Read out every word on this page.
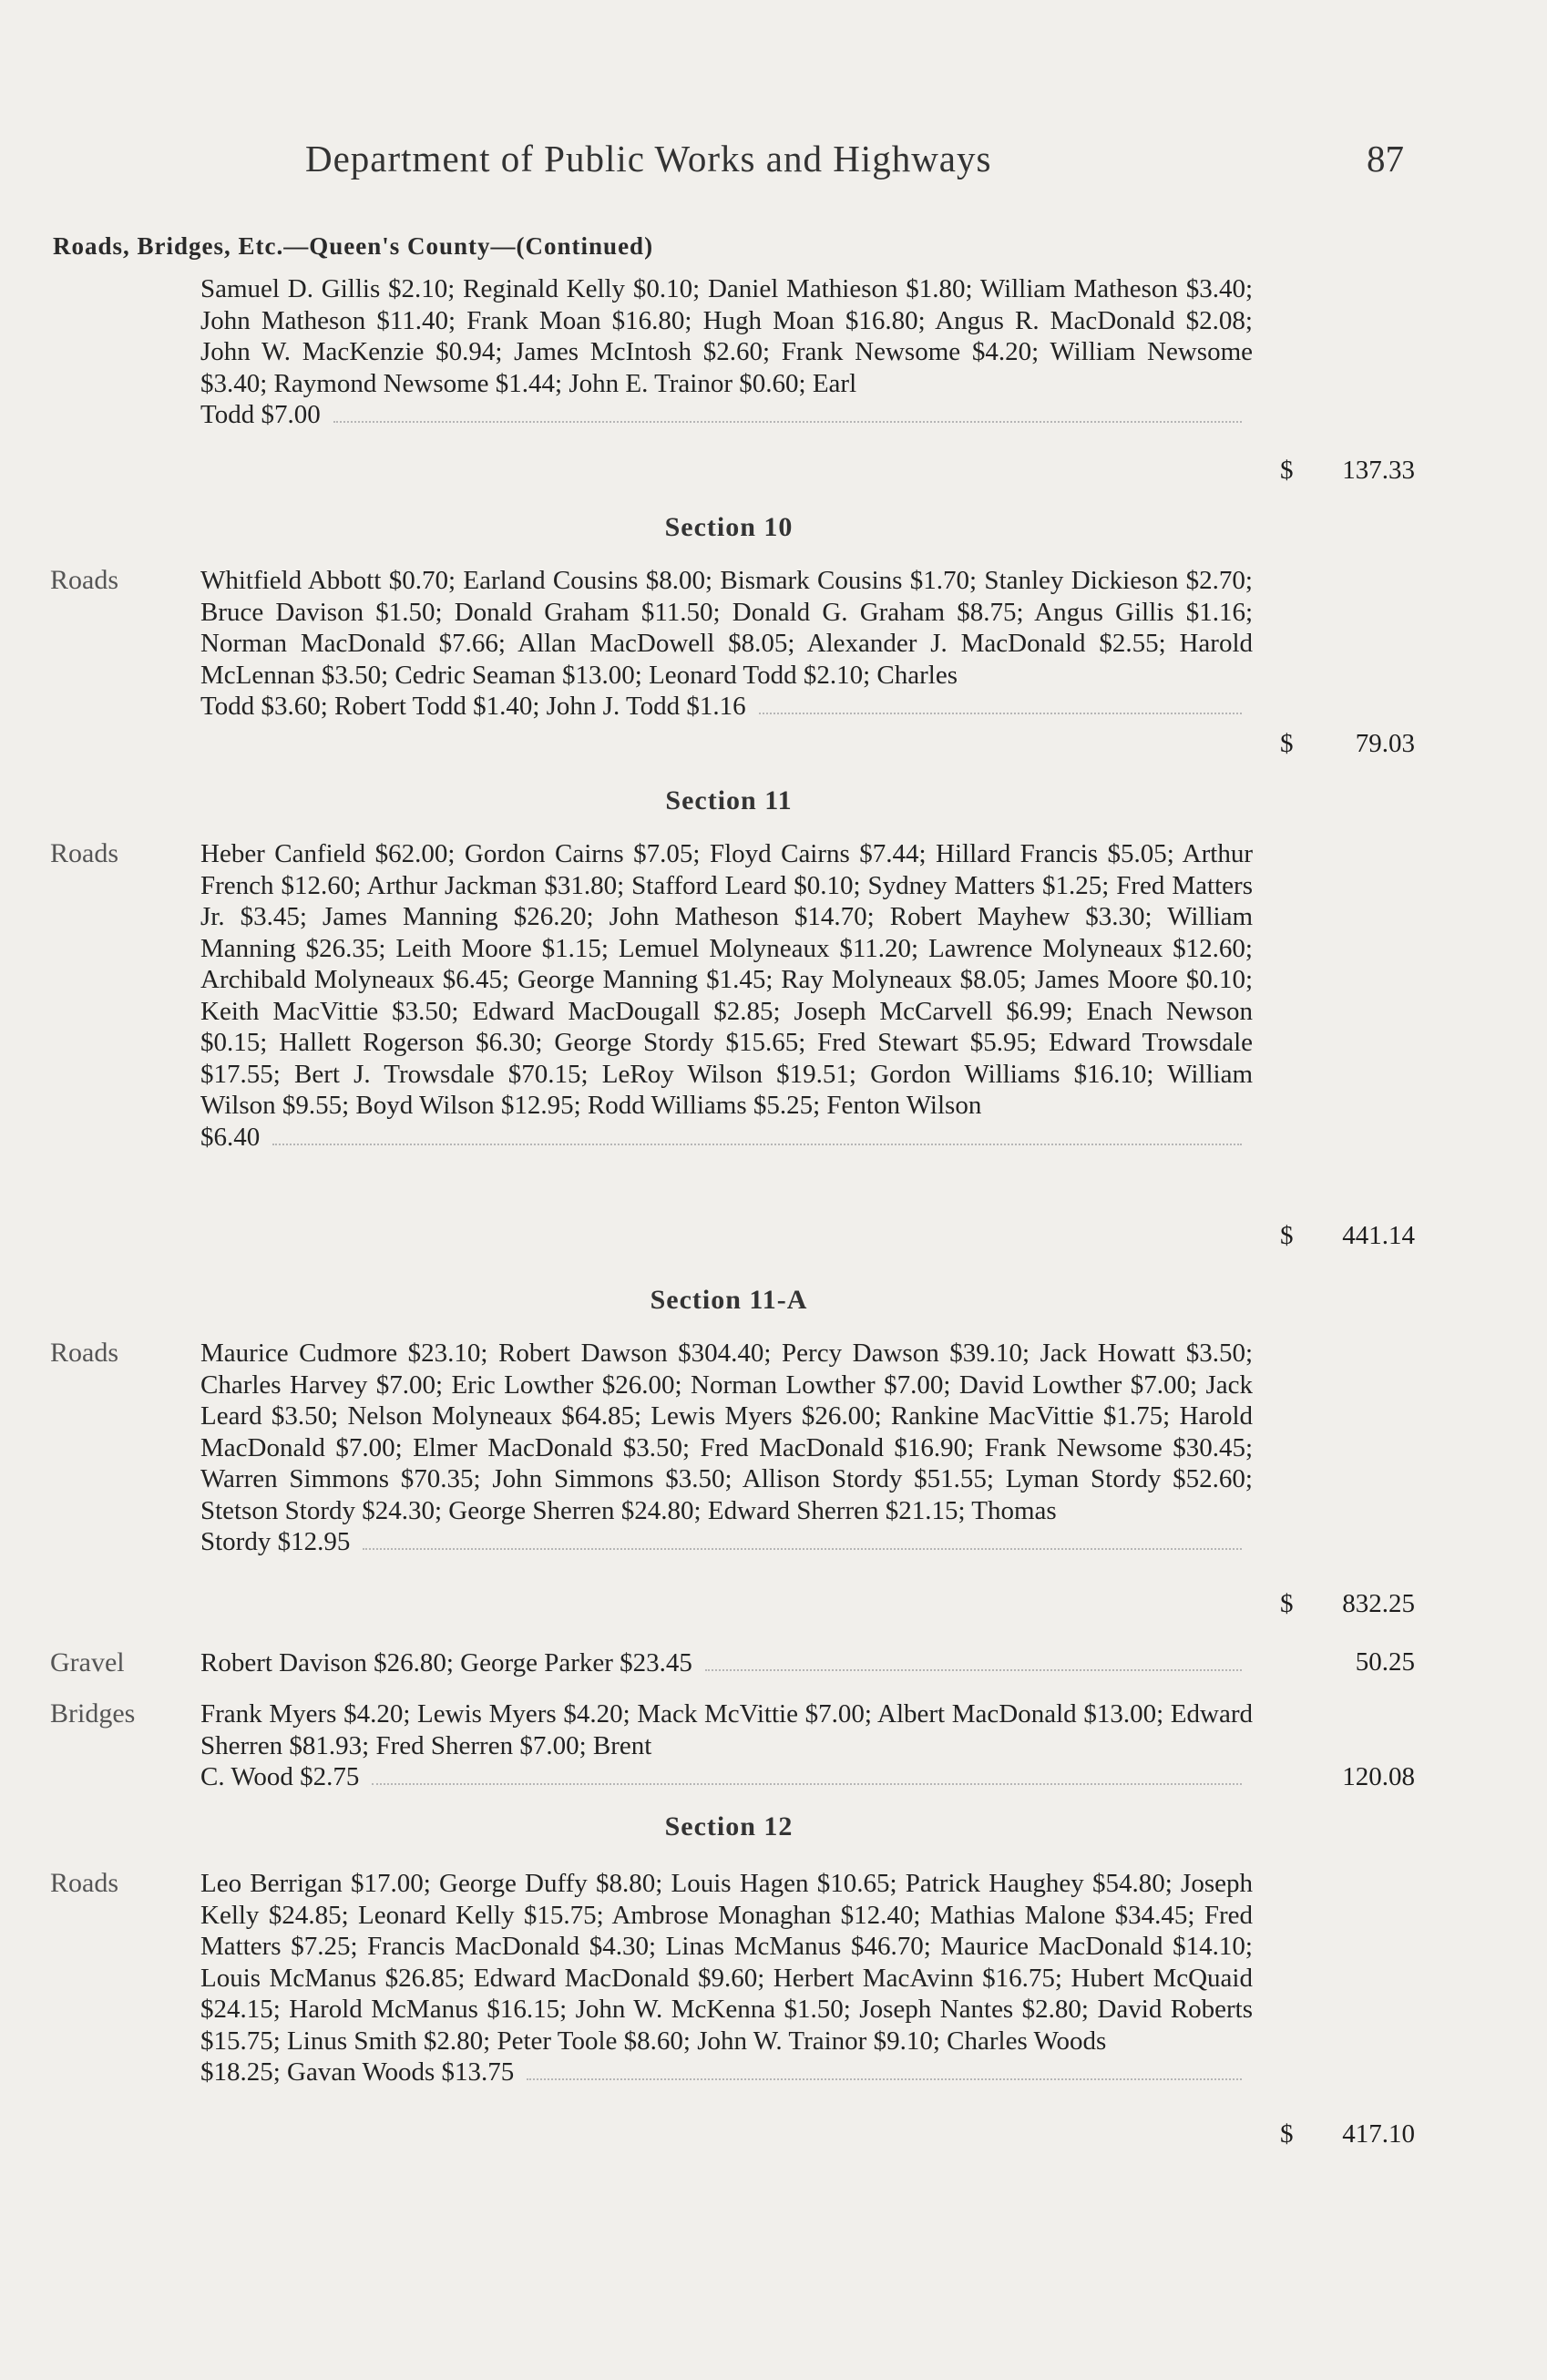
Department of Public Works and Highways	87
Roads, Bridges, Etc.—Queen's County—(Continued)
Samuel D. Gillis $2.10; Reginald Kelly $0.10; Daniel Mathieson $1.80; William Matheson $3.40; John Matheson $11.40; Frank Moan $16.80; Hugh Moan $16.80; Angus R. MacDonald $2.08; John W. MacKenzie $0.94; James McIntosh $2.60; Frank Newsome $4.20; William Newsome $3.40; Raymond Newsome $1.44; John E. Trainor $0.60; Earl
Todd $7.00
$ 137.33
Section 10
Roads	Whitfield Abbott $0.70; Earland Cousins $8.00; Bismark Cousins $1.70; Stanley Dickieson $2.70; Bruce Davison $1.50; Donald Graham $11.50; Donald G. Graham $8.75; Angus Gillis $1.16; Norman MacDonald $7.66; Allan MacDowell $8.05; Alexander J. MacDonald $2.55; Harold McLennan $3.50; Cedric Seaman $13.00; Leonard Todd $2.10; Charles
Todd $3.60; Robert Todd $1.40; John J. Todd $1.16
$ 79.03
Section 11
Roads	Heber Canfield $62.00; Gordon Cairns $7.05; Floyd Cairns $7.44; Hillard Francis $5.05; Arthur French $12.60; Arthur Jackman $31.80; Stafford Leard $0.10; Sydney Matters $1.25; Fred Matters Jr. $3.45; James Manning $26.20; John Matheson $14.70; Robert Mayhew $3.30; William Manning $26.35; Leith Moore $1.15; Lemuel Molyneaux $11.20; Lawrence Molyneaux $12.60; Archibald Molyneaux $6.45; George Manning $1.45; Ray Molyneaux $8.05; James Moore $0.10; Keith MacVittie $3.50; Edward MacDougall $2.85; Joseph McCarvell $6.99; Enach Newson $0.15; Hallett Rogerson $6.30; George Stordy $15.65; Fred Stewart $5.95; Edward Trowsdale $17.55; Bert J. Trowsdale $70.15; LeRoy Wilson $19.51; Gordon Williams $16.10; William Wilson $9.55; Boyd Wilson $12.95; Rodd Williams $5.25; Fenton Wilson
$6.40
$ 441.14
Section 11-A
Roads	Maurice Cudmore $23.10; Robert Dawson $304.40; Percy Dawson $39.10; Jack Howatt $3.50; Charles Harvey $7.00; Eric Lowther $26.00; Norman Lowther $7.00; David Lowther $7.00; Jack Leard $3.50; Nelson Molyneaux $64.85; Lewis Myers $26.00; Rankine MacVittie $1.75; Harold MacDonald $7.00; Elmer MacDonald $3.50; Fred MacDonald $16.90; Frank Newsome $30.45; Warren Simmons $70.35; John Simmons $3.50; Allison Stordy $51.55; Lyman Stordy $52.60; Stetson Stordy $24.30; George Sherren $24.80; Edward Sherren $21.15; Thomas
Stordy $12.95
$ 832.25
Gravel	Robert Davison $26.80; George Parker $23.45	50.25
Bridges Frank Myers $4.20; Lewis Myers $4.20; Mack McVittie $7.00; Albert MacDonald $13.00; Edward Sherren $81.93; Fred Sherren $7.00; Brent
C. Wood $2.75	120.08
Section 12
Roads	Leo Berrigan $17.00; George Duffy $8.80; Louis Hagen $10.65; Patrick Haughey $54.80; Joseph Kelly $24.85; Leonard Kelly $15.75; Ambrose Monaghan $12.40; Mathias Malone $34.45; Fred Matters $7.25; Francis MacDonald $4.30; Linas McManus $46.70; Maurice MacDonald $14.10; Louis McManus $26.85; Edward MacDonald $9.60; Herbert MacAvinn $16.75; Hubert McQuaid $24.15; Harold McManus $16.15; John W. McKenna $1.50; Joseph Nantes $2.80; David Roberts $15.75; Linus Smith $2.80; Peter Toole $8.60; John W. Trainor $9.10; Charles Woods
$18.25; Gavan Woods $13.75
$ 417.10
